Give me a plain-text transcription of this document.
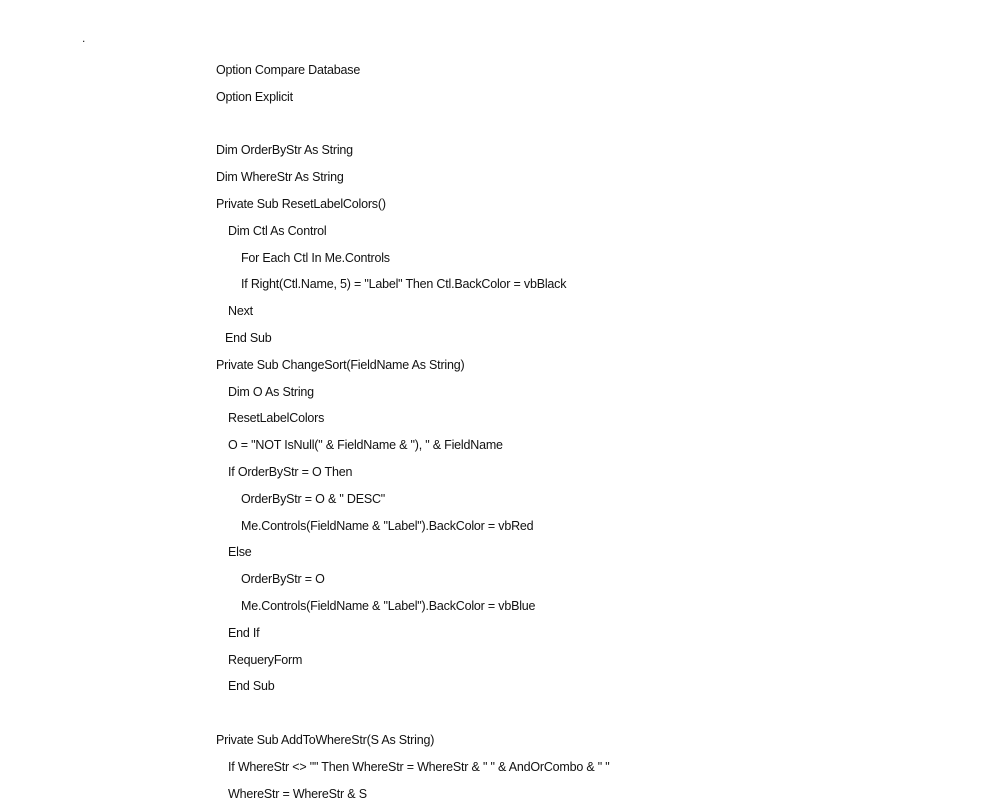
.
Option Compare Database
Option Explicit
Dim OrderByStr As String
Dim WhereStr As String
Private Sub ResetLabelColors()
Dim Ctl As Control
For Each Ctl In Me.Controls
If Right(Ctl.Name, 5) = "Label" Then Ctl.BackColor = vbBlack
Next
End Sub
Private Sub ChangeSort(FieldName As String)
Dim O As String
ResetLabelColors
O = "NOT IsNull(" & FieldName & "), " & FieldName
If OrderByStr = O Then
OrderByStr = O & " DESC"
Me.Controls(FieldName & "Label").BackColor = vbRed
Else
OrderByStr = O
Me.Controls(FieldName & "Label").BackColor = vbBlue
End If
RequeryForm
End Sub
Private Sub AddToWhereStr(S As String)
If WhereStr <> "" Then WhereStr = WhereStr & " " & AndOrCombo & " "
WhereStr = WhereStr & S
